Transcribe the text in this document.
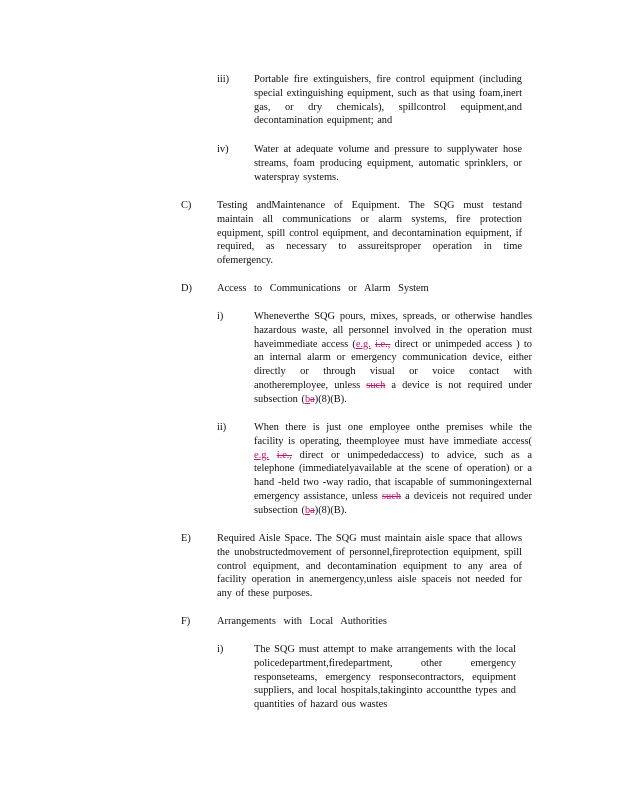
iii) Portable fire extinguishers, fire control equipment (including special extinguishing equipment, such as that using foam,inert gas, or dry chemicals), spillcontrol equipment,and decontamination equipment; and
iv) Water at adequate volume and pressure to supplywater hose streams, foam producing equipment, automatic sprinklers, or waterspray systems.
C) Testing andMaintenance of Equipment. The SQG must testand maintain all communications or alarm systems, fire protection equipment, spill control equipment, and decontamination equipment, if required, as necessary to assureitsproper operation in time ofemergency.
D) Access to Communications or Alarm System
i)	Wheneverthe SQG pours, mixes, spreads, or otherwise handles hazardous waste, all personnel involved in the operation must haveimmediate access (e.g. i.e., direct or unimpeded access ) to an internal alarm or emergency communication device, either directly or through visual or voice contact with anotheremployee, unless such a device is not required under subsection (ba)(8)(B).
ii)	When there is just one employee onthe premises while the facility is operating, theemployee must have immediate access( e.g. i.e., direct or unimpededaccess) to advice, such as a telephone (immediatelyavailable at the scene of operation) or a hand -held two -way radio, that iscapable of summoningexternal emergency assistance, unless such a deviceis not required under subsection (ba)(8)(B).
E)	Required Aisle Space. The SQG must maintain aisle space that allows the unobstructedmovement of personnel,fireprotection equipment, spill control equipment, and decontamination equipment to any area of facility operation in anemergency,unless aisle spaceis not needed for any of these purposes.
F)	Arrangements with Local Authorities
i)	The SQG must attempt to make arrangements with the local policedepartment,firedepartment, other emergency responseteams, emergency responsecontractors, equipment suppliers, and local hospitals,takinginto accountthe types and quantities of hazard ous wastes
